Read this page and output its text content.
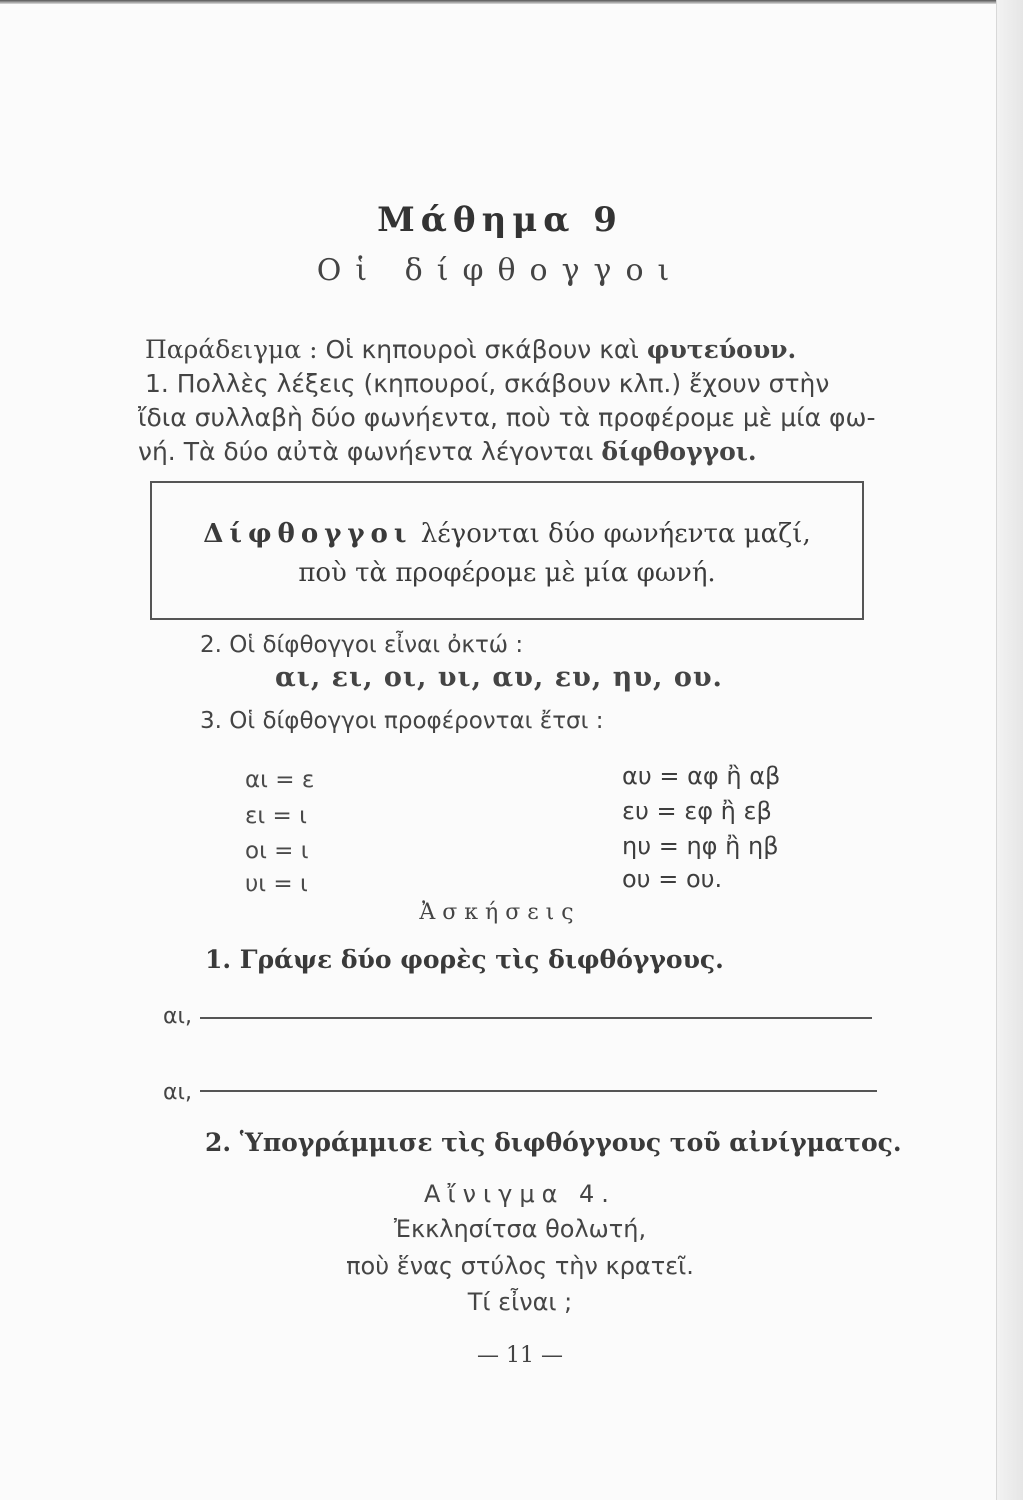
Μάθημα 9
Οἱ δίφθογγοι
Παράδειγμα : Οἱ κηπουροὶ σκάβουν καὶ φυτεύουν.
1. Πολλὲς λέξεις (κηπουροί, σκάβουν κλπ.) ἔχουν στὴν
ἴδια συλλαβὴ δύο φωνήεντα, ποὺ τὰ προφέρομε μὲ μία φω-
νή. Τὰ δύο αὐτὰ φωνήεντα λέγονται δίφθογγοι.
Δίφθογγοι λέγονται δύο φωνήεντα μαζί,
ποὺ τὰ προφέρομε μὲ μία φωνή.
2. Οἱ δίφθογγοι εἶναι ὀκτώ :
αι, ει, οι, υι, αυ, ευ, ηυ, ου.
3. Οἱ δίφθογγοι προφέρονται ἔτσι :
αι = ε
ει = ι
οι = ι
υι = ι
αυ = αφ ἢ αβ
ευ = εφ ἢ εβ
ηυ = ηφ ἢ ηβ
ου = ου.
Ἀσκήσεις
1. Γράψε δύο φορὲς τὶς διφθόγγους.
αι,
αι,
2. Ὑπογράμμισε τὶς διφθόγγους τοῦ αἰνίγματος.
Αἴνιγμα 4.
Ἐκκλησίτσα θολωτή,
ποὺ ἕνας στύλος τὴν κρατεῖ.
Τί εἶναι ;
— 11 —
